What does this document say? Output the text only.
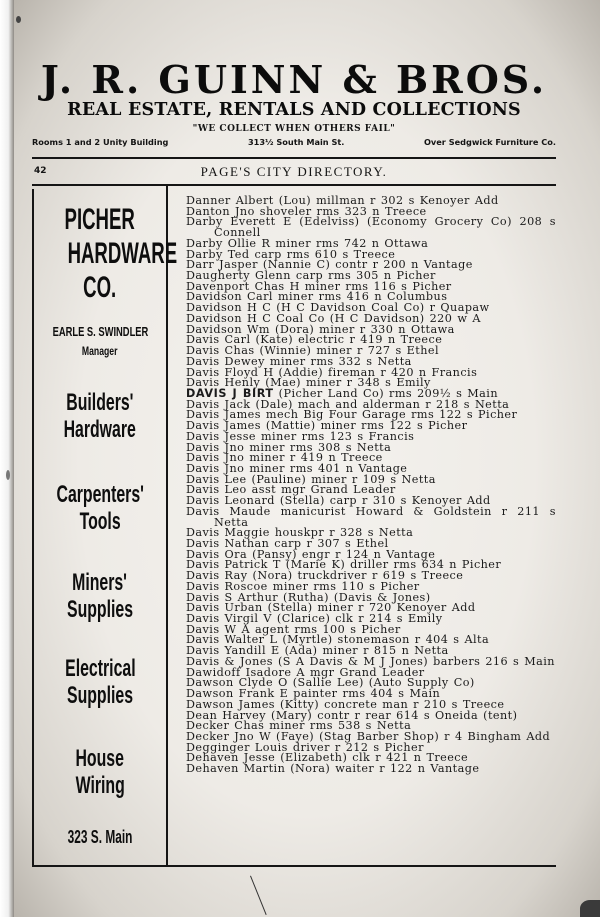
J. R. GUINN & BROS.
REAL ESTATE, RENTALS AND COLLECTIONS
"WE COLLECT WHEN OTHERS FAIL"
Rooms 1 and 2 Unity Building	313½ South Main St.	Over Sedgwick Furniture Co.
42	PAGE'S CITY DIRECTORY.
PICHER
HARDWARE
CO.
EARLE S. SWINDLER
Manager
Builders'
Hardware
Carpenters'
Tools
Miners'
Supplies
Electrical
Supplies
House
Wiring
323 S. Main
Danner Albert (Lou) millman r 302 s Kenoyer Add
Danton Jno shoveler rms 323 n Treece
Darby Everett E (Edelviss) (Economy Grocery Co) 208 s Connell
Darby Ollie R miner rms 742 n Ottawa
Darby Ted carp rms 610 s Treece
Darr Jasper (Nannie C) contr r 200 n Vantage
Daugherty Glenn carp rms 305 n Picher
Davenport Chas H miner rms 116 s Picher
Davidson Carl miner rms 416 n Columbus
Davidson H C (H C Davidson Coal Co) r Quapaw
Davidson H C Coal Co (H C Davidson) 220 w A
Davidson Wm (Dora) miner r 330 n Ottawa
Davis Carl (Kate) electric r 419 n Treece
Davis Chas (Winnie) miner r 727 s Ethel
Davis Dewey miner rms 332 s Netta
Davis Floyd H (Addie) fireman r 420 n Francis
Davis Henly (Mae) miner r 348 s Emily
DAVIS J BIRT (Picher Land Co) rms 209½ s Main
Davis Jack (Dale) mach and alderman r 218 s Netta
Davis James mech Big Four Garage rms 122 s Picher
Davis James (Mattie) miner rms 122 s Picher
Davis Jesse miner rms 123 s Francis
Davis Jno miner rms 308 s Netta
Davis Jno miner r 419 n Treece
Davis Jno miner rms 401 n Vantage
Davis Lee (Pauline) miner r 109 s Netta
Davis Leo asst mgr Grand Leader
Davis Leonard (Stella) carp r 310 s Kenoyer Add
Davis Maude manicurist Howard & Goldstein r 211 s Netta
Davis Maggie houskpr r 328 s Netta
Davis Nathan carp r 307 s Ethel
Davis Ora (Pansy) engr r 124 n Vantage
Davis Patrick T (Marie K) driller rms 634 n Picher
Davis Ray (Nora) truckdriver r 619 s Treece
Davis Roscoe miner rms 110 s Picher
Davis S Arthur (Rutha) (Davis & Jones)
Davis Urban (Stella) miner r 720 Kenoyer Add
Davis Virgil V (Clarice) clk r 214 s Emily
Davis W A agent rms 100 s Picher
Davis Walter L (Myrtle) stonemason r 404 s Alta
Davis Yandill E (Ada) miner r 815 n Netta
Davis & Jones (S A Davis & M J Jones) barbers 216 s Main
Dawidoff Isadore A mgr Grand Leader
Dawson Clyde O (Sallie Lee) (Auto Supply Co)
Dawson Frank E painter rms 404 s Main
Dawson James (Kitty) concrete man r 210 s Treece
Dean Harvey (Mary) contr r rear 614 s Oneida (tent)
Decker Chas miner rms 538 s Netta
Decker Jno W (Faye) (Stag Barber Shop) r 4 Bingham Add
Degginger Louis driver r 212 s Picher
Dehaven Jesse (Elizabeth) clk r 421 n Treece
Dehaven Martin (Nora) waiter r 122 n Vantage
